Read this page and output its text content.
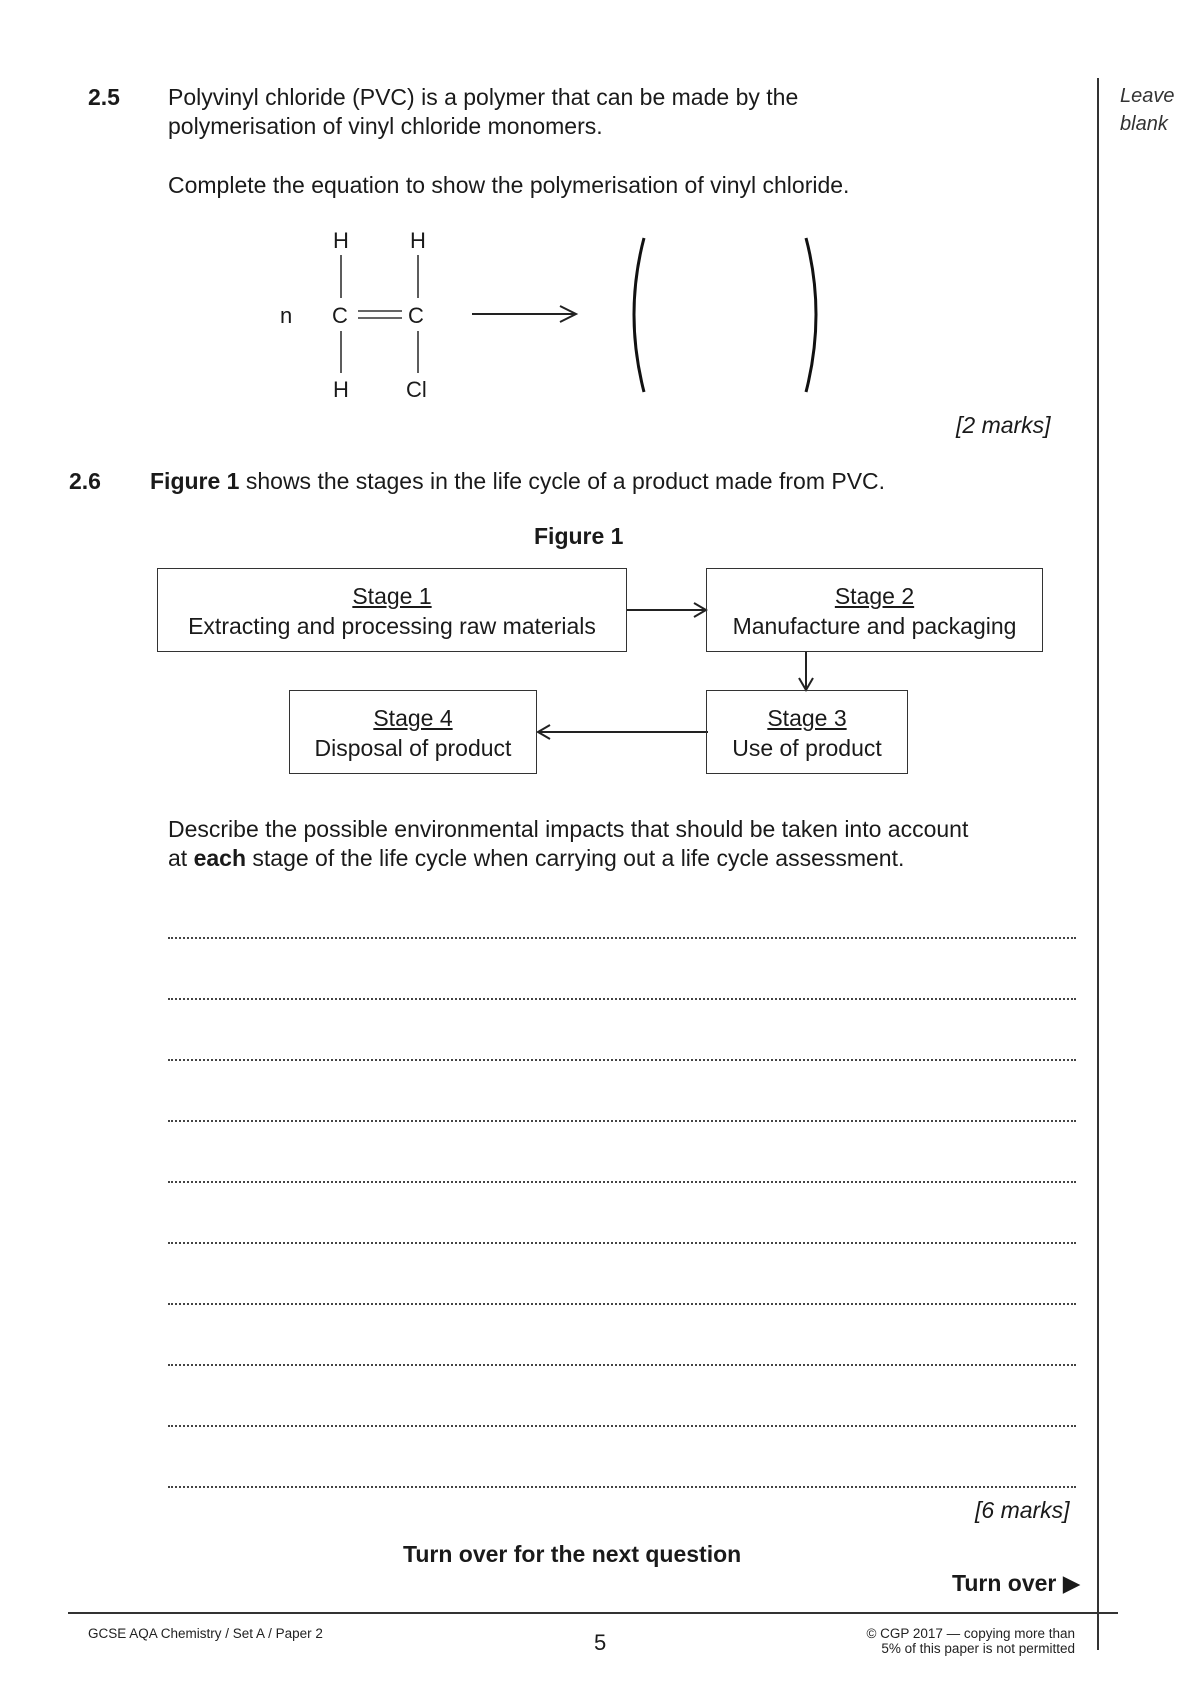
Leave
blank
2.5 Polyvinyl chloride (PVC) is a polymer that can be made by the
polymerisation of vinyl chloride monomers.
Complete the equation to show the polymerisation of vinyl chloride.
n
H	H
C	C
H	Cl
[2 marks]
2.6 Figure 1 shows the stages in the life cycle of a product made from PVC.
Figure 1
Stage 1
Extracting and processing raw materials
Stage 2
Manufacture and packaging
Stage 3
Use of product
Stage 4
Disposal of product
Describe the possible environmental impacts that should be taken into account
at each stage of the life cycle when carrying out a life cycle assessment.
[6 marks]
Turn over for the next question
Turn over ▶
GCSE AQA Chemistry / Set A / Paper 2	5	© CGP 2017 — copying more than
5% of this paper is not permitted
